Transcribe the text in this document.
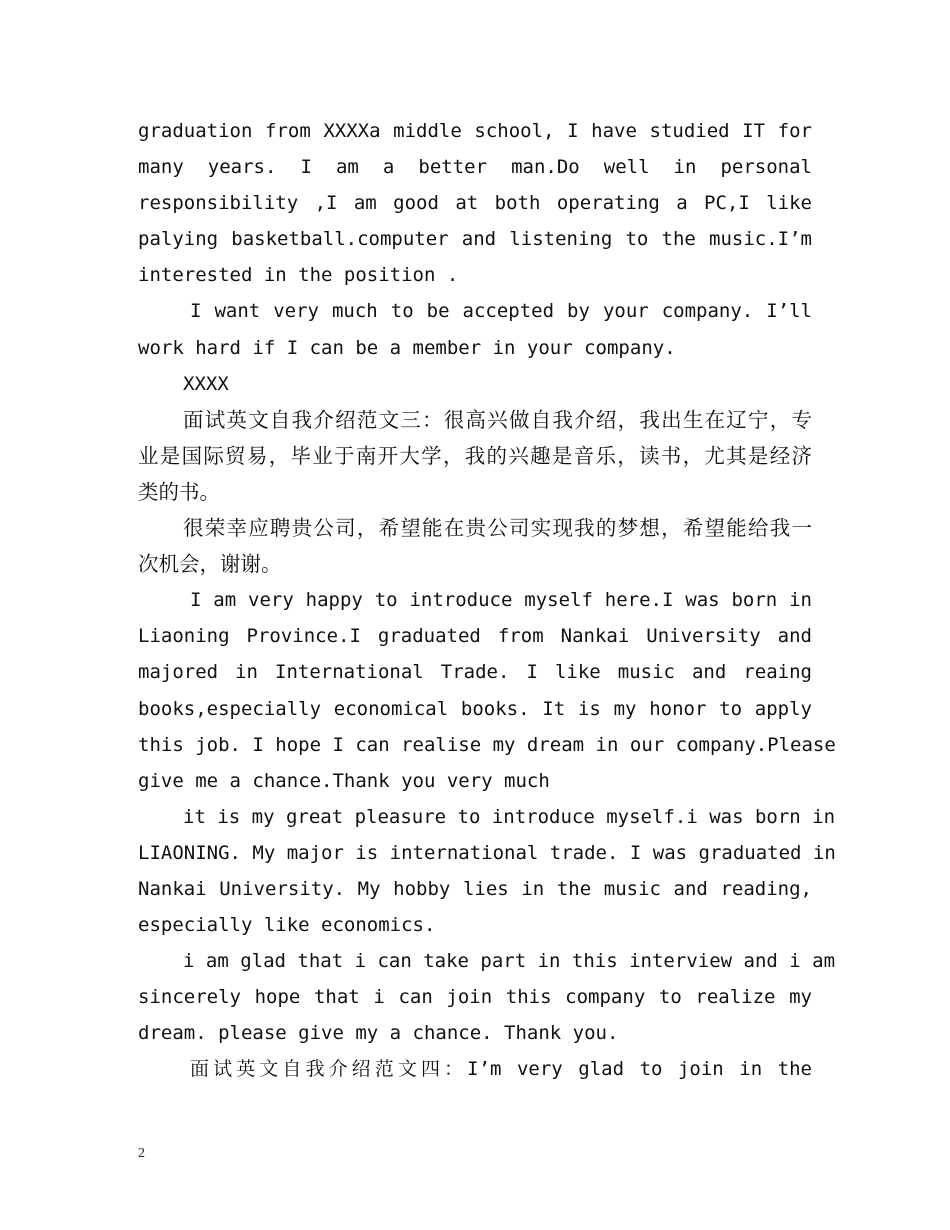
graduation from XXXXa middle school, I have studied IT for
many years. I am a better man.Do well in personal
responsibility ,I am good at both operating a PC,I like
palying basketball.computer and listening to the music.I’m
interested in the position .
I want very much to be accepted by your company. I’ll
work hard if I can be a member in your company.
XXXX
面试英文自我介绍范文三：很高兴做自我介绍，我出生在辽宁，专
业是国际贸易，毕业于南开大学，我的兴趣是音乐，读书，尤其是经济
类的书。
很荣幸应聘贵公司，希望能在贵公司实现我的梦想，希望能给我一
次机会，谢谢。
I am very happy to introduce myself here.I was born in
Liaoning Province.I graduated from Nankai University and
majored in International Trade. I like music and reaing
books,especially economical books. It is my honor to apply
this job. I hope I can realise my dream in our company.Please
give me a chance.Thank you very much
it is my great pleasure to introduce myself.i was born in
LIAONING. My major is international trade. I was graduated in
Nankai University. My hobby lies in the music and reading,
especially like economics.
i am glad that i can take part in this interview and i am
sincerely hope that i can join this company to realize my
dream. please give my a chance. Thank you.
面试英文自我介绍范文四：I’m very glad to join in the
2
